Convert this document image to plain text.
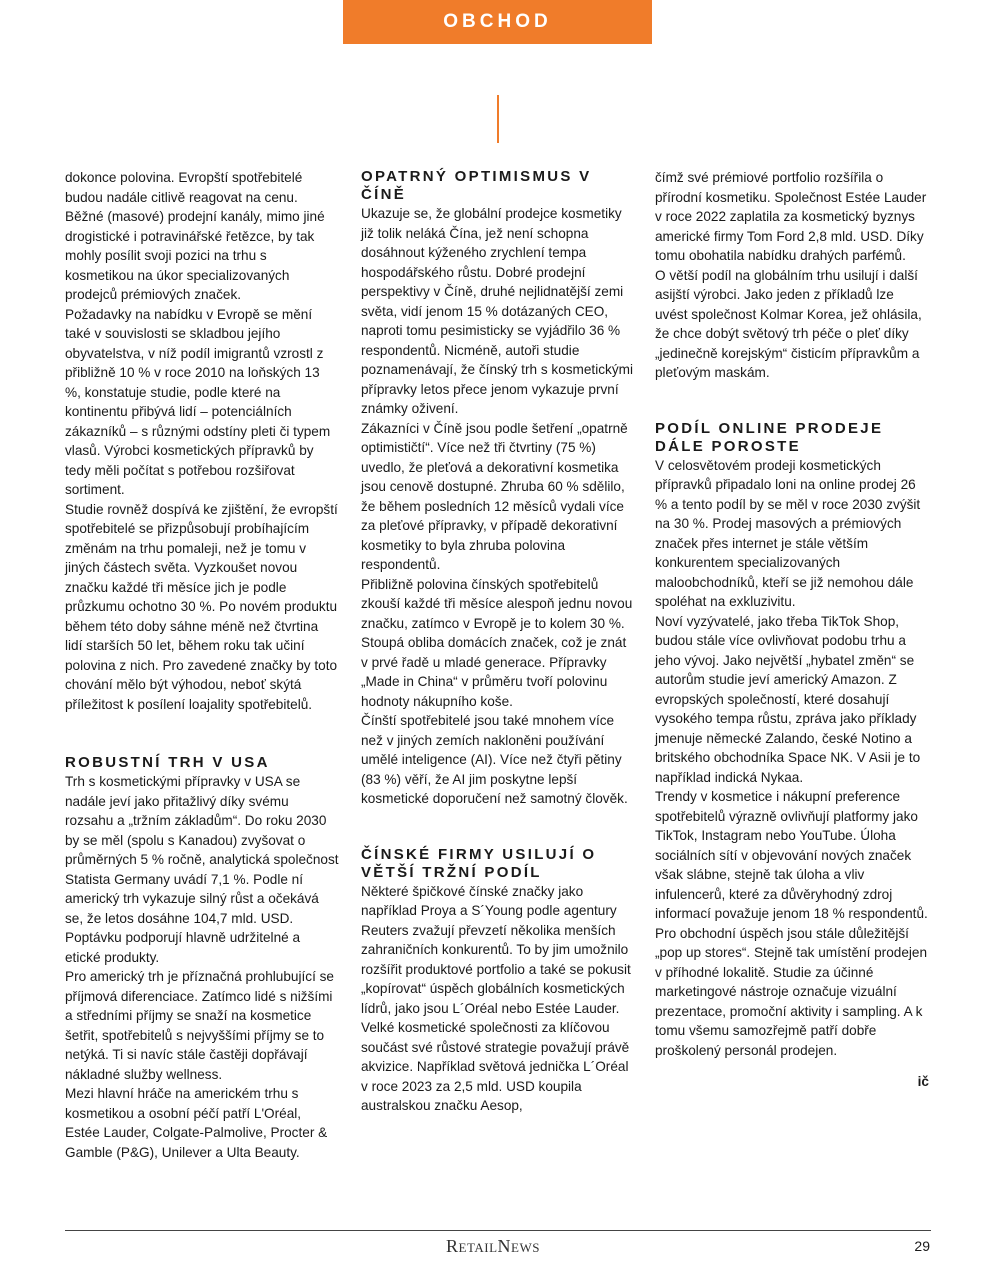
OBCHOD

dokonce polovina. Evropští spotřebitelé budou nadále citlivě reagovat na cenu. Běžné (masové) prodejní kanály, mimo jiné drogistické i potravinářské řetězce, by tak mohly posílit svoji pozici na trhu s kosmetikou na úkor specializovaných prodejců prémiových značek.

Požadavky na nabídku v Evropě se mění také v souvislosti se skladbou jejího obyvatelstva, v níž podíl imigrantů vzrostl z přibližně 10 % v roce 2010 na loňských 13 %, konstatuje studie, podle které na kontinentu přibývá lidí – potenciálních zákazníků – s různými odstíny pleti či typem vlasů. Výrobci kosmetických přípravků by tedy měli počítat s potřebou rozšiřovat sortiment.

Studie rovněž dospívá ke zjištění, že evropští spotřebitelé se přizpůsobují probíhajícím změnám na trhu pomaleji, než je tomu v jiných částech světa. Vyzkoušet novou značku každé tři měsíce jich je podle průzkumu ochotno 30 %. Po novém produktu během této doby sáhne méně než čtvrtina lidí starších 50 let, během roku tak učiní polovina z nich. Pro zavedené značky by toto chování mělo být výhodou, neboť skýtá příležitost k posílení loajality spotřebitelů.

ROBUSTNÍ TRH V USA

Trh s kosmetickými přípravky v USA se nadále jeví jako přitažlivý díky svému rozsahu a „tržním základům“. Do roku 2030 by se měl (spolu s Kanadou) zvyšovat o průměrných 5 % ročně, analytická společnost Statista Germany uvádí 7,1 %. Podle ní americký trh vykazuje silný růst a očekává se, že letos dosáhne 104,7 mld. USD. Poptávku podporují hlavně udržitelné a etické produkty.

Pro americký trh je příznačná prohlubující se příjmová diferenciace. Zatímco lidé s nižšími a středními příjmy se snaží na kosmetice šetřit, spotřebitelů s nejvyššími příjmy se to netýká. Ti si navíc stále častěji dopřávají nákladné služby wellness.

Mezi hlavní hráče na americkém trhu s kosmetikou a osobní péčí patří L'Oréal, Estée Lauder, Colgate-Palmolive, Procter & Gamble (P&G), Unilever a Ulta Beauty.

OPATRNÝ OPTIMISMUS V ČÍNĚ

Ukazuje se, že globální prodejce kosmetiky již tolik neláká Čína, jež není schopna dosáhnout kýženého zrychlení tempa hospodářského růstu. Dobré prodejní perspektivy v Číně, druhé nejlidnatější zemi světa, vidí jenom 15 % dotázaných CEO, naproti tomu pesimisticky se vyjádřilo 36 % respondentů. Nicméně, autoři studie poznamenávají, že čínský trh s kosmetickými přípravky letos přece jenom vykazuje první známky oživení.

Zákazníci v Číně jsou podle šetření „opatrně optimističtí“. Více než tři čtvrtiny (75 %) uvedlo, že pleťová a dekorativní kosmetika jsou cenově dostupné. Zhruba 60 % sdělilo, že během posledních 12 měsíců vydali více za pleťové přípravky, v případě dekorativní kosmetiky to byla zhruba polovina respondentů.

Přibližně polovina čínských spotřebitelů zkouší každé tři měsíce alespoň jednu novou značku, zatímco v Evropě je to kolem 30 %. Stoupá obliba domácích značek, což je znát v prvé řadě u mladé generace. Přípravky „Made in China“ v průměru tvoří polovinu hodnoty nákupního koše.

Čínští spotřebitelé jsou také mnohem více než v jiných zemích nakloněni používání umělé inteligence (AI). Více než čtyři pětiny (83 %) věří, že AI jim poskytne lepší kosmetické doporučení než samotný člověk.

ČÍNSKÉ FIRMY USILUJÍ O VĚTŠÍ TRŽNÍ PODÍL

Některé špičkové čínské značky jako například Proya a S´Young podle agentury Reuters zvažují převzetí několika menších zahraničních konkurentů. To by jim umožnilo rozšířit produktové portfolio a také se pokusit „kopírovat“ úspěch globálních kosmetických lídrů, jako jsou L´Oréal nebo Estée Lauder.

Velké kosmetické společnosti za klíčovou součást své růstové strategie považují právě akvizice. Například světová jednička L´Oréal v roce 2023 za 2,5 mld. USD koupila australskou značku Aesop,

čímž své prémiové portfolio rozšířila o přírodní kosmetiku. Společnost Estée Lauder v roce 2022 zaplatila za kosmetický byznys americké firmy Tom Ford 2,8 mld. USD. Díky tomu obohatila nabídku drahých parfémů.

O větší podíl na globálním trhu usilují i další asijští výrobci. Jako jeden z příkladů lze uvést společnost Kolmar Korea, jež ohlásila, že chce dobýt světový trh péče o pleť díky „jedinečně korejským“ čisticím přípravkům a pleťovým maskám.

PODÍL ONLINE PRODEJE DÁLE POROSTE

V celosvětovém prodeji kosmetických přípravků připadalo loni na online prodej 26 % a tento podíl by se měl v roce 2030 zvýšit na 30 %. Prodej masových a prémiových značek přes internet je stále větším konkurentem specializovaných maloobchodníků, kteří se již nemohou dále spoléhat na exkluzivitu.

Noví vyzývatelé, jako třeba TikTok Shop, budou stále více ovlivňovat podobu trhu a jeho vývoj. Jako největší „hybatel změn“ se autorům studie jeví americký Amazon. Z evropských společností, které dosahují vysokého tempa růstu, zpráva jako příklady jmenuje německé Zalando, české Notino a britského obchodníka Space NK. V Asii je to například indická Nykaa.

Trendy v kosmetice i nákupní preference spotřebitelů výrazně ovlivňují platformy jako TikTok, Instagram nebo YouTube. Úloha sociálních sítí v objevování nových značek však slábne, stejně tak úloha a vliv infulencerů, které za důvěryhodný zdroj informací považuje jenom 18 % respondentů.

Pro obchodní úspěch jsou stále důležitější „pop up stores“. Stejně tak umístění prodejen v příhodné lokalitě. Studie za účinné marketingové nástroje označuje vizuální prezentace, promoční aktivity i sampling. A k tomu všemu samozřejmě patří dobře proškolený personál prodejen.

ič
RetailNews	29
